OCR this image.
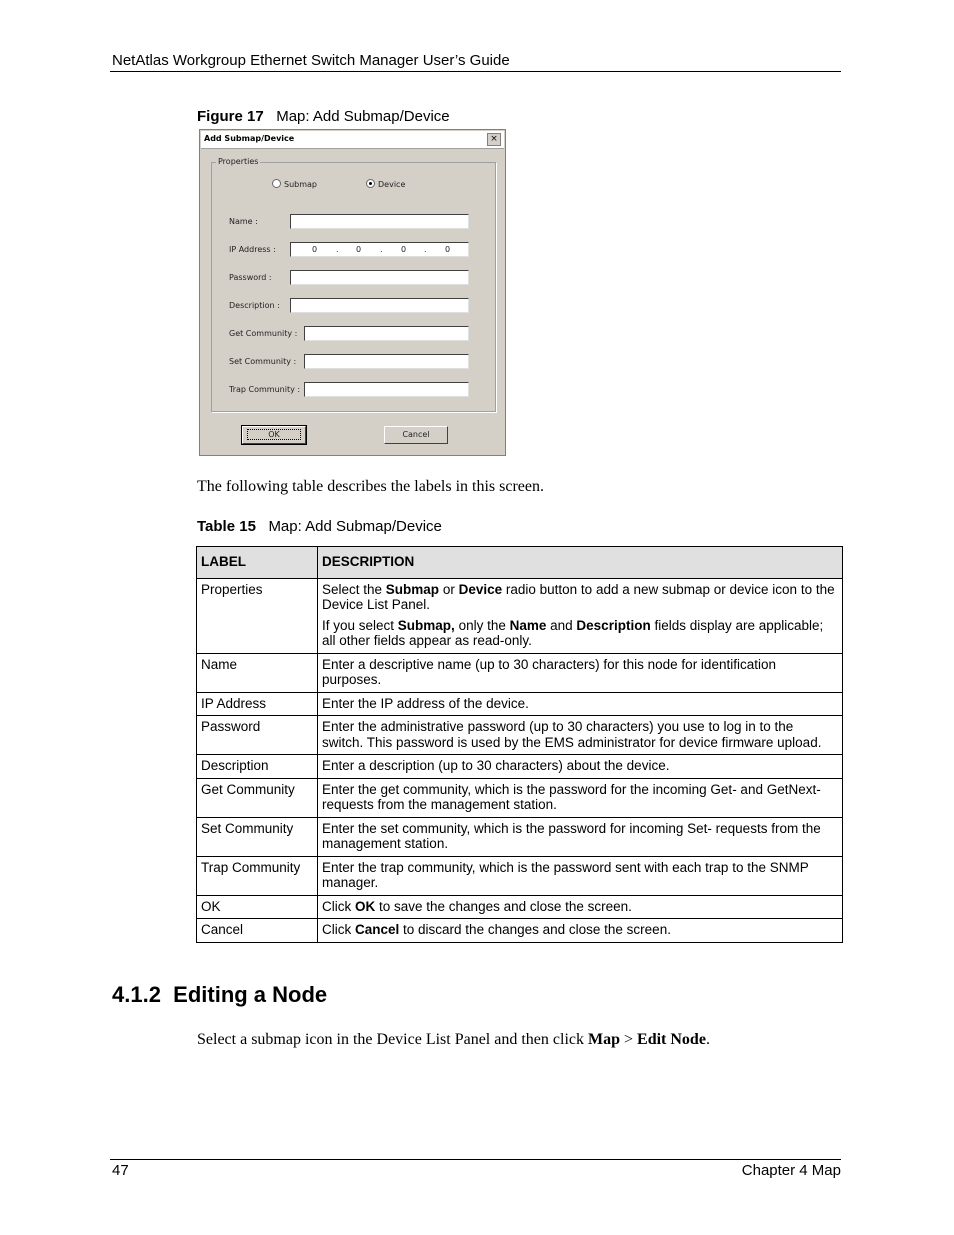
NetAtlas Workgroup Ethernet Switch Manager User’s Guide
Figure 17 Map: Add Submap/Device
Add Submap/Device	×
Properties
Submap	Device
Name :
IP Address :	0 . 0 . 0 . 0
Password :
Description :
Get Community :
Set Community :
Trap Community :
OK	Cancel
The following table describes the labels in this screen.
Table 15 Map: Add Submap/Device
LABEL	DESCRIPTION
Properties	Select the Submap or Device radio button to add a new submap or device icon to the Device List Panel.

If you select Submap, only the Name and Description fields display are applicable; all other fields appear as read-only.

Name	Enter a descriptive name (up to 30 characters) for this node for identification purposes.
IP Address	Enter the IP address of the device.
Password	Enter the administrative password (up to 30 characters) you use to log in to the switch. This password is used by the EMS administrator for device firmware upload.
Description	Enter a description (up to 30 characters) about the device.
Get Community	Enter the get community, which is the password for the incoming Get- and GetNext- requests from the management station.
Set Community	Enter the set community, which is the password for incoming Set- requests from the management station.
Trap Community	Enter the trap community, which is the password sent with each trap to the SNMP manager.
OK	Click OK to save the changes and close the screen.
Cancel	Click Cancel to discard the changes and close the screen.
4.1.2  Editing a Node
Select a submap icon in the Device List Panel and then click Map > Edit Node.
47	Chapter 4 Map
